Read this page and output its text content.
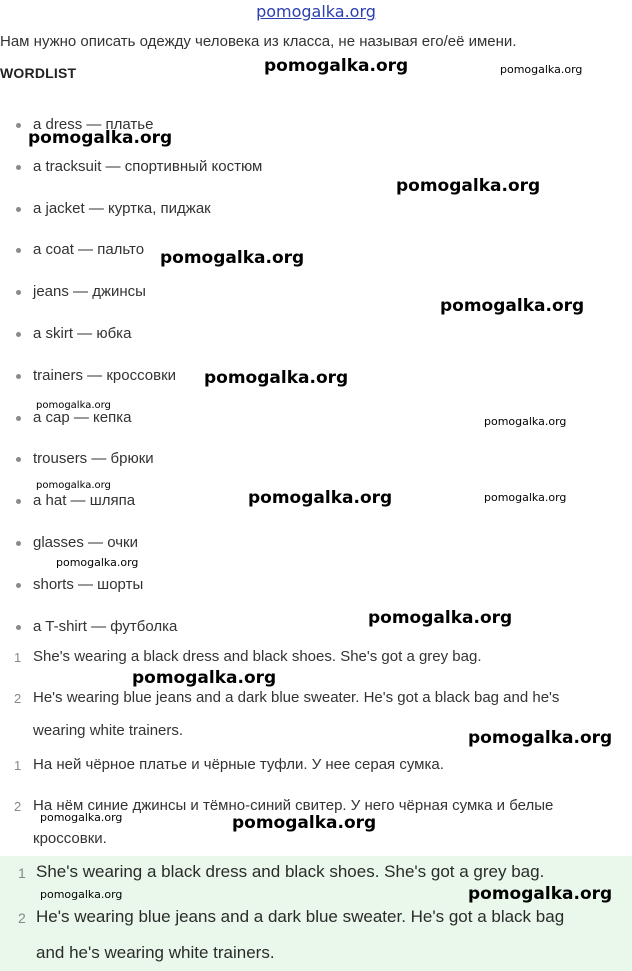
pomogalka.org
Нам нужно описать одежду человека из класса, не называя его/её имени.
WORDLIST
a dress — платье
a tracksuit — спортивный костюм
a jacket — куртка, пиджак
a coat — пальто
jeans — джинсы
a skirt — юбка
trainers — кроссовки
a cap — кепка
trousers — брюки
a hat — шляпа
glasses — очки
shorts — шорты
a T-shirt — футболка
1 She's wearing a black dress and black shoes. She's got a grey bag.
2 He's wearing blue jeans and a dark blue sweater. He's got a black bag and he's
wearing white trainers.
1 На ней чёрное платье и чёрные туфли. У нее серая сумка.
2 На нём синие джинсы и тёмно-синий свитер. У него чёрная сумка и белые
кроссовки.
1 She's wearing a black dress and black shoes. She's got a grey bag.
2 He's wearing blue jeans and a dark blue sweater. He's got a black bag
and he's wearing white trainers.
pomogalka.org	pomogalka.org
pomogalka.org
pomogalka.org
pomogalka.org
pomogalka.org
pomogalka.org
pomogalka.org
pomogalka.org
pomogalka.org
pomogalka.org	pomogalka.org
pomogalka.org
pomogalka.org
pomogalka.org
pomogalka.org
pomogalka.org	pomogalka.org
pomogalka.org	pomogalka.org
